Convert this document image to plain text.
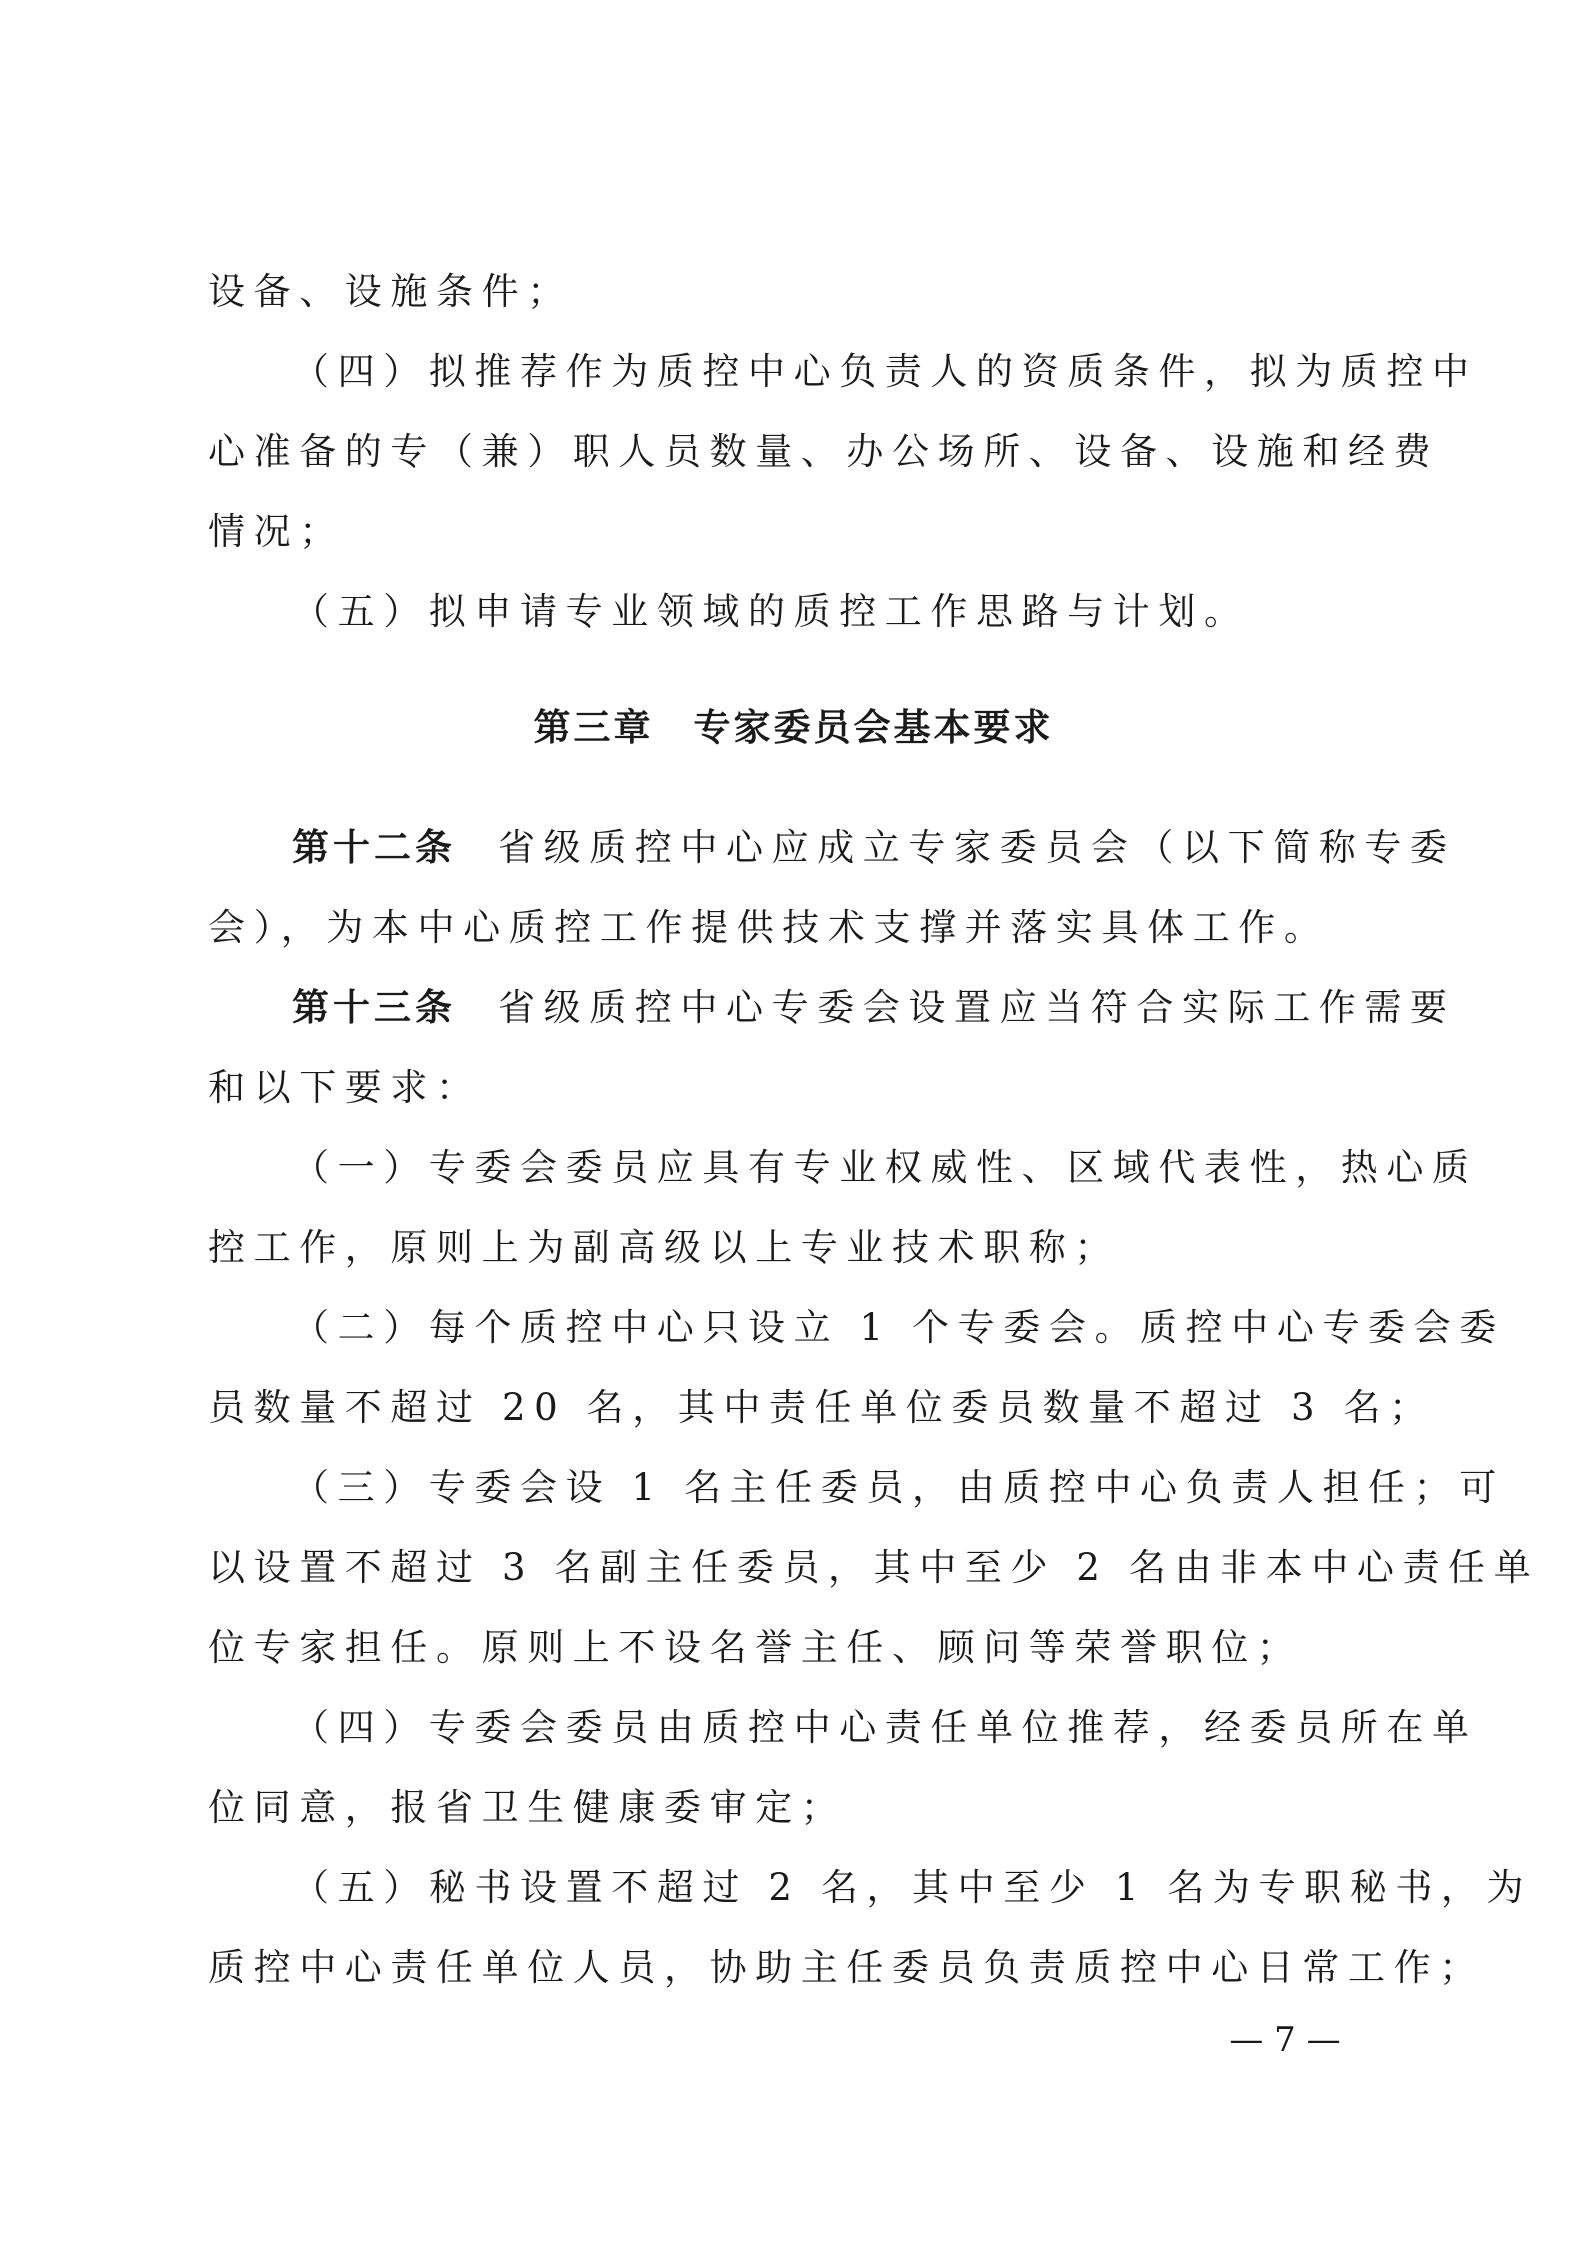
设备、设施条件；
（四）拟推荐作为质控中心负责人的资质条件，拟为质控中
心准备的专（兼）职人员数量、办公场所、设备、设施和经费
情况；
（五）拟申请专业领域的质控工作思路与计划。
第三章　专家委员会基本要求
第十二条 省级质控中心应成立专家委员会（以下简称专委
会），为本中心质控工作提供技术支撑并落实具体工作。
第十三条 省级质控中心专委会设置应当符合实际工作需要
和以下要求：
（一）专委会委员应具有专业权威性、区域代表性，热心质
控工作，原则上为副高级以上专业技术职称；
（二）每个质控中心只设立 1 个专委会。质控中心专委会委
员数量不超过 20 名，其中责任单位委员数量不超过 3 名；
（三）专委会设 1 名主任委员，由质控中心负责人担任；可
以设置不超过 3 名副主任委员，其中至少 2 名由非本中心责任单
位专家担任。原则上不设名誉主任、顾问等荣誉职位；
（四）专委会委员由质控中心责任单位推荐，经委员所在单
位同意，报省卫生健康委审定；
（五）秘书设置不超过 2 名，其中至少 1 名为专职秘书，为
质控中心责任单位人员，协助主任委员负责质控中心日常工作；
— 7 —
